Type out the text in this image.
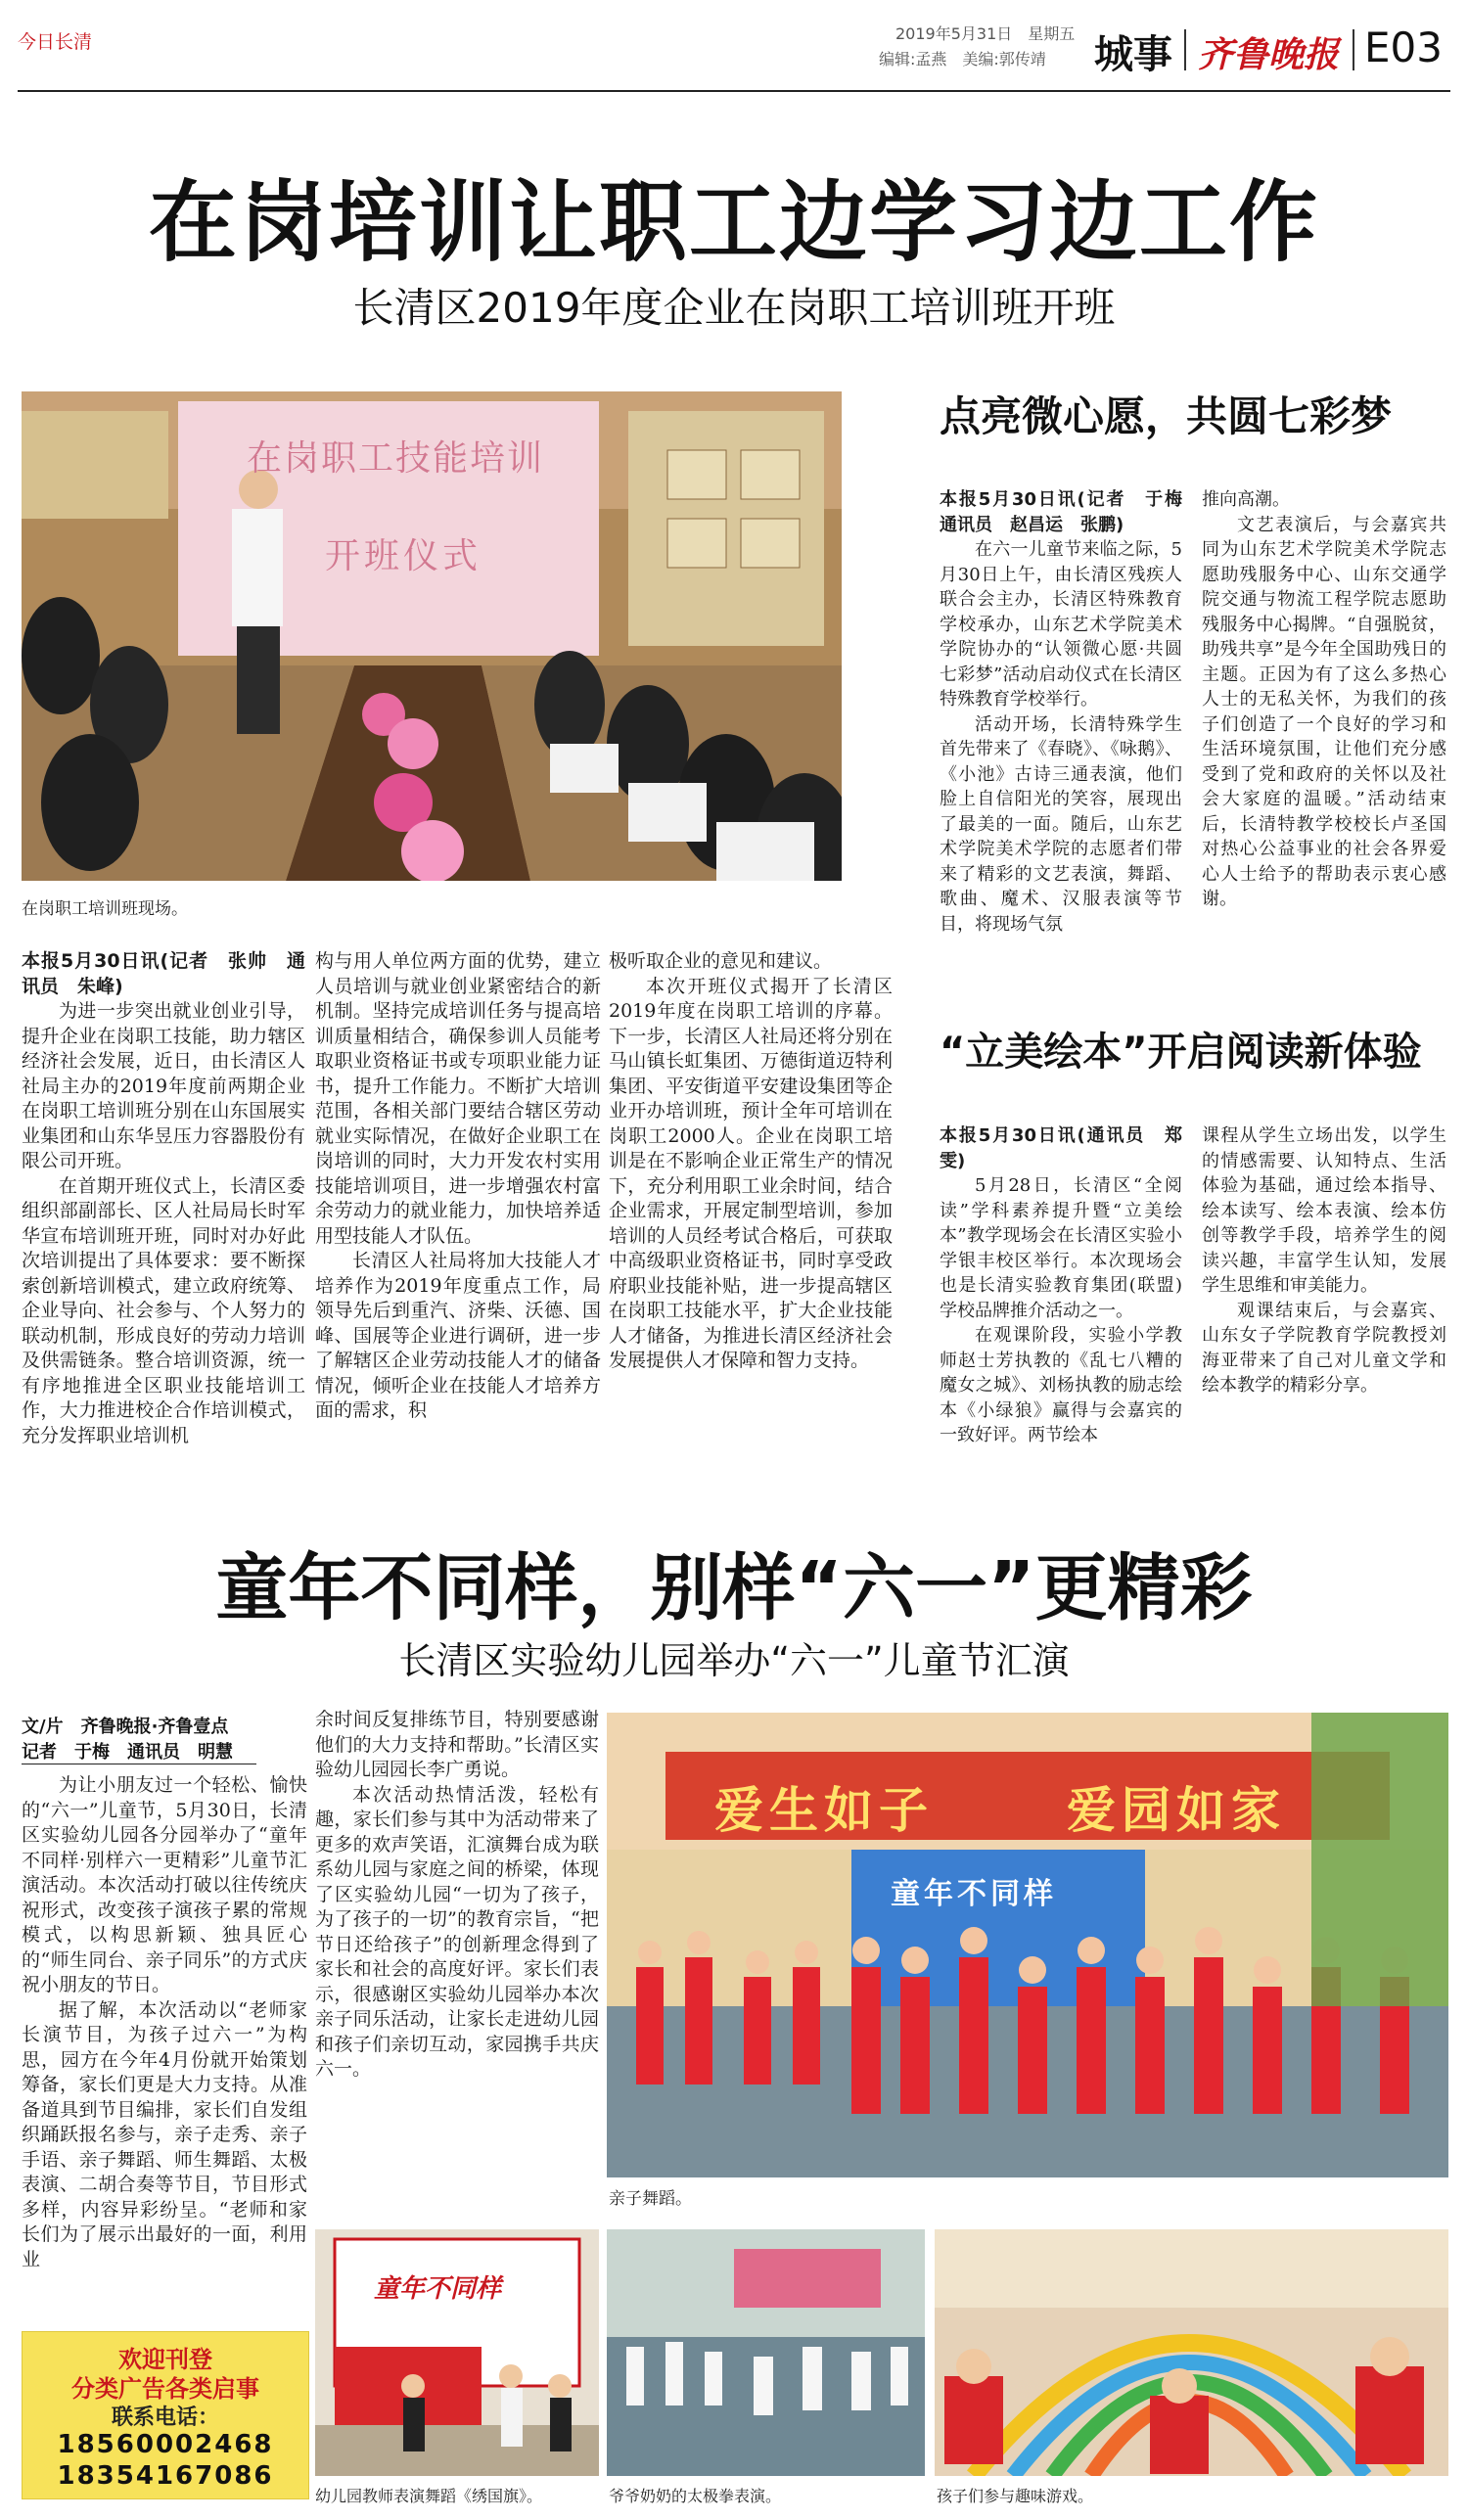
今日长清	2019年5月31日　星期五
编辑:孟燕　美编:郭传靖 城事 齐鲁晚报 E03
在岗培训让职工边学习边工作
长清区2019年度企业在岗职工培训班开班
在岗职工技能培训
开班仪式
在岗职工培训班现场。

本报5月30日讯(记者　张帅　通讯员　朱峰)

为进一步突出就业创业引导，提升企业在岗职工技能，助力辖区经济社会发展，近日，由长清区人社局主办的2019年度前两期企业在岗职工培训班分别在山东国展实业集团和山东华昱压力容器股份有限公司开班。

在首期开班仪式上，长清区委组织部副部长、区人社局局长时军华宣布培训班开班，同时对办好此次培训提出了具体要求：要不断探索创新培训模式，建立政府统筹、企业导向、社会参与、个人努力的联动机制，形成良好的劳动力培训及供需链条。整合培训资源，统一有序地推进全区职业技能培训工作，大力推进校企合作培训模式，充分发挥职业培训机

构与用人单位两方面的优势，建立人员培训与就业创业紧密结合的新机制。坚持完成培训任务与提高培训质量相结合，确保参训人员能考取职业资格证书或专项职业能力证书，提升工作能力。不断扩大培训范围，各相关部门要结合辖区劳动就业实际情况，在做好企业职工在岗培训的同时，大力开发农村实用技能培训项目，进一步增强农村富余劳动力的就业能力，加快培养适用型技能人才队伍。

长清区人社局将加大技能人才培养作为2019年度重点工作，局领导先后到重汽、济柴、沃德、国峰、国展等企业进行调研，进一步了解辖区企业劳动技能人才的储备情况，倾听企业在技能人才培养方面的需求，积

极听取企业的意见和建议。

本次开班仪式揭开了长清区2019年度在岗职工培训的序幕。下一步，长清区人社局还将分别在马山镇长虹集团、万德街道迈特利集团、平安街道平安建设集团等企业开办培训班，预计全年可培训在岗职工2000人。企业在岗职工培训是在不影响企业正常生产的情况下，充分利用职工业余时间，结合企业需求，开展定制型培训，参加培训的人员经考试合格后，可获取中高级职业资格证书，同时享受政府职业技能补贴，进一步提高辖区在岗职工技能水平，扩大企业技能人才储备，为推进长清区经济社会发展提供人才保障和智力支持。

点亮微心愿，共圆七彩梦

本报5月30日讯(记者　于梅　通讯员　赵昌运　张鹏)

在六一儿童节来临之际，5月30日上午，由长清区残疾人联合会主办，长清区特殊教育学校承办，山东艺术学院美术学院协办的“认领微心愿·共圆七彩梦”活动启动仪式在长清区特殊教育学校举行。

活动开场，长清特殊学生首先带来了《春晓》、《咏鹅》、《小池》古诗三通表演，他们脸上自信阳光的笑容，展现出了最美的一面。随后，山东艺术学院美术学院的志愿者们带来了精彩的文艺表演，舞蹈、歌曲、魔术、汉服表演等节目，将现场气氛

推向高潮。

文艺表演后，与会嘉宾共同为山东艺术学院美术学院志愿助残服务中心、山东交通学院交通与物流工程学院志愿助残服务中心揭牌。“自强脱贫，助残共享”是今年全国助残日的主题。正因为有了这么多热心人士的无私关怀，为我们的孩子们创造了一个良好的学习和生活环境氛围，让他们充分感受到了党和政府的关怀以及社会大家庭的温暖。”活动结束后，长清特教学校校长卢圣国对热心公益事业的社会各界爱心人士给予的帮助表示衷心感谢。

“立美绘本”开启阅读新体验

本报5月30日讯(通讯员　郑雯)

5月28日，长清区“全阅读”学科素养提升暨“立美绘本”教学现场会在长清区实验小学银丰校区举行。本次现场会也是长清实验教育集团(联盟)学校品牌推介活动之一。

在观课阶段，实验小学教师赵士芳执教的《乱七八糟的魔女之城》、刘杨执教的励志绘本《小绿狼》赢得与会嘉宾的一致好评。两节绘本

课程从学生立场出发，以学生的情感需要、认知特点、生活体验为基础，通过绘本指导、绘本读写、绘本表演、绘本仿创等教学手段，培养学生的阅读兴趣，丰富学生认知，发展学生思维和审美能力。

观课结束后，与会嘉宾、山东女子学院教育学院教授刘海亚带来了自己对儿童文学和绘本教学的精彩分享。

童年不同样，别样“六一”更精彩
长清区实验幼儿园举办“六一”儿童节汇演
文/片　齐鲁晚报·齐鲁壹点
记者　于梅　通讯员　明慧

为让小朋友过一个轻松、愉快的“六一”儿童节，5月30日，长清区实验幼儿园各分园举办了“童年不同样·别样六一更精彩”儿童节汇演活动。本次活动打破以往传统庆祝形式，改变孩子演孩子累的常规模式，以构思新颖、独具匠心的“师生同台、亲子同乐”的方式庆祝小朋友的节日。

据了解，本次活动以“老师家长演节目，为孩子过六一”为构思，园方在今年4月份就开始策划筹备，家长们更是大力支持。从准备道具到节目编排，家长们自发组织踊跃报名参与，亲子走秀、亲子手语、亲子舞蹈、师生舞蹈、太极表演、二胡合奏等节目，节目形式多样，内容异彩纷呈。“老师和家长们为了展示出最好的一面，利用业

余时间反复排练节目，特别要感谢他们的大力支持和帮助。”长清区实验幼儿园园长李广勇说。

本次活动热情活泼，轻松有趣，家长们参与其中为活动带来了更多的欢声笑语，汇演舞台成为联系幼儿园与家庭之间的桥梁，体现了区实验幼儿园“一切为了孩子，为了孩子的一切”的教育宗旨，“把节日还给孩子”的创新理念得到了家长和社会的高度好评。家长们表示，很感谢区实验幼儿园举办本次亲子同乐活动，让家长走进幼儿园和孩子们亲切互动，家园携手共庆六一。

爱生如子	爱园如家
童年不同样
亲子舞蹈。
欢迎刊登
分类广告各类启事
联系电话：
18560002468
18354167086
童年不同样
幼儿园教师表演舞蹈《绣国旗》。	爷爷奶奶的太极拳表演。	孩子们参与趣味游戏。
